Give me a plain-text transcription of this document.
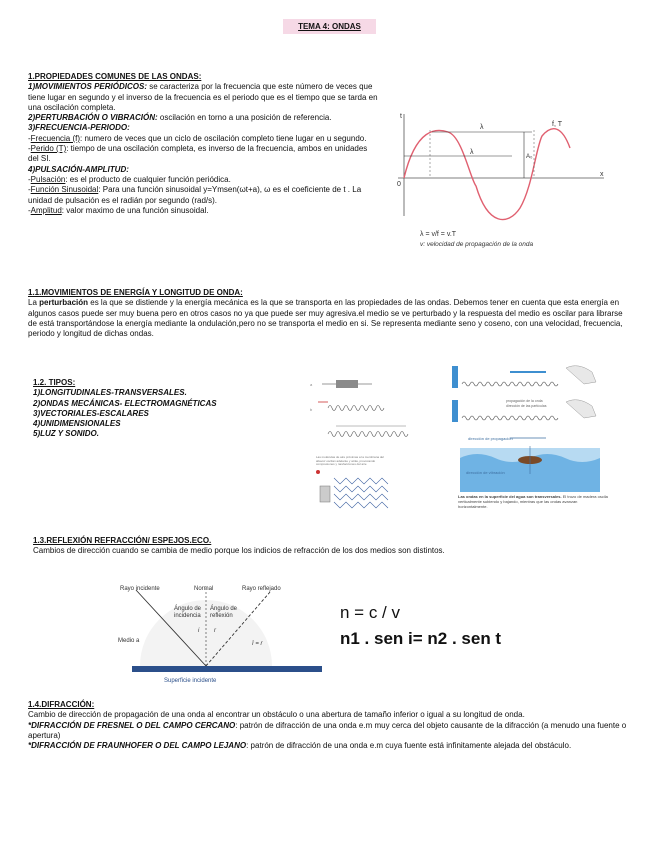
TEMA 4: ONDAS

1.PROPIEDADES COMUNES DE LAS ONDAS:

1)MOVIMIENTOS PERIÓDICOS: se caracteriza por la frecuencia que este número de veces que tiene lugar en segundo y el inverso de la frecuencia es el periodo que es el tiempo que se tarda en una oscilación completa.

2)PERTURBACIÓN O VIBRACIÓN: oscilación en torno a una posición de referencia.

3)FRECUENCIA-PERIODO:

-Frecuencia (f): numero de veces que un ciclo de oscilación completo tiene lugar en u segundo.

-Perido (T): tiempo de una oscilación completa, es inverso de la frecuencia, ambos en unidades del SI.

4)PULSACIÓN-AMPLITUD:

-Pulsación: es el producto de cualquier función periódica.

-Función Sinusoidal: Para una función sinusoidal y=Ymsen(ωt+a), ω es el coeficiente de t . La unidad de pulsación es el radián por segundo (rad/s).

-Amplitud: valor maximo de una función sinusoidal.

t
x
0
λ
λ
A₀
f, T
λ = v/f = v.T
v: velocidad de propagación de la onda

1.1.MOVIMIENTOS DE ENERGÍA Y LONGITUD DE ONDA:

La perturbación es la que se distiende y la energía mecánica es la que se transporta en las propiedades de las ondas. Debemos tener en cuenta que esta energía en algunos casos puede ser muy buena pero en otros casos no ya que puede ser muy agresiva.el medio se ve perturbado y la respuesta del medio es oscilar para librarse de está transportándose la energía mediante la ondulación,pero no se transporta el medio en si. Se representa mediante seno y coseno, con una velocidad, frecuencia, periodo y longitud de dichas ondas.

1.2. TIPOS:

1)LONGITUDINALES-TRANSVERSALES.

2)ONDAS MECÁNICAS- ELECTROMAGNÉTICAS

3)VECTORIALES-ESCALARES

4)UNIDIMENSIONALES

5)LUZ Y SONIDO.

a
b
Las moléculas de aire próximas a la membrana del altavoz oscilan adelante y atrás, provocando compresiones y rarefacciones del aire
propagación de la onda
dirección de las partículas
dirección de propagación
dirección de vibración
Las ondas en la superficie del agua son transversales. El trozo de madera oscila verticalmente subiendo y bajando, mientras que las ondas avanzan horizontalmente.

1.3.REFLEXIÓN REFRACCIÓN/ ESPEJOS.ECO.

Cambios de dirección cuando se cambia de medio porque los indicios de refracción de los dos medios son distintos.

Rayo incidente	Normal	Rayo reflejado
Ángulo de
incidencia
Ángulo de
reflexión
i r
î = r
Medio a
Superficie incidente
n = c / v
n1 . sen i= n2 . sen t

1.4.DIFRACCIÓN:

Cambio de dirección de propagación de una onda al encontrar un obstáculo o una abertura de tamaño inferior o igual a su longitud de onda.

*DIFRACCIÓN DE FRESNEL O DEL CAMPO CERCANO: patrón de difracción de una onda e.m muy cerca del objeto causante de la difracción (a menudo una fuente o apertura)

*DIFRACCIÓN DE FRAUNHOFER O DEL CAMPO LEJANO: patrón de difracción de una onda e.m cuya fuente está infinitamente alejada del obstáculo.
